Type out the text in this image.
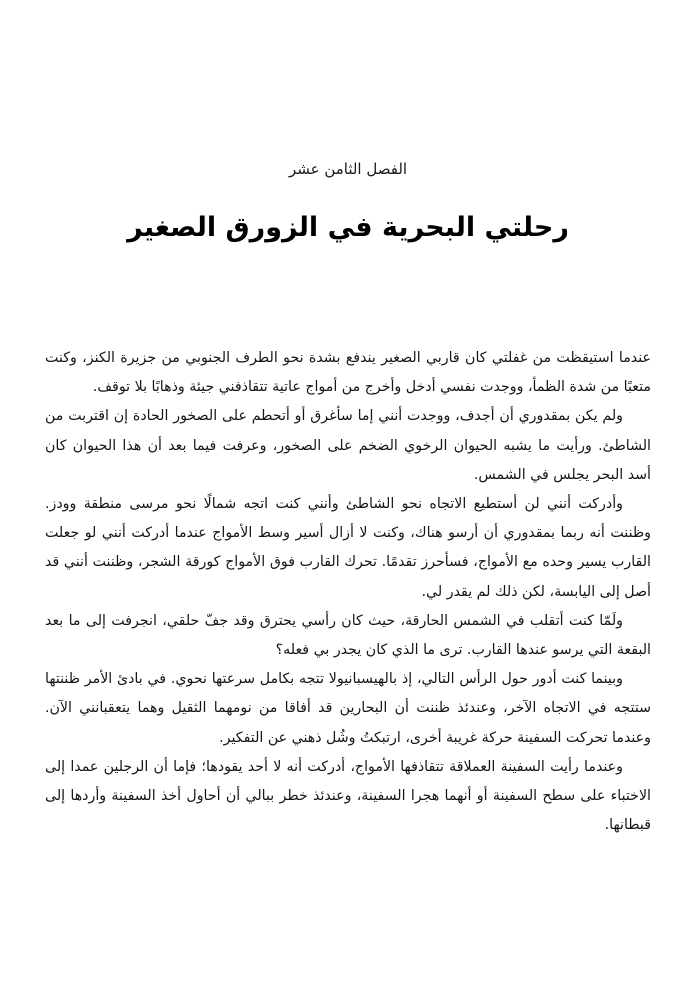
الفصل الثامن عشر
رحلتي البحرية في الزورق الصغير

عندما استيقظت من غفلتي كان قاربي الصغير يندفع بشدة نحو الطرف الجنوبي من جزيرة الكنز، وكنت متعبًا من شدة الظمأ، ووجدت نفسي أدخل وأخرج من أمواج عاتية تتقاذفني جيئة وذهابًا بلا توقف.

ولم يكن بمقدوري أن أجدف، ووجدت أنني إما سأغرق أو أتحطم على الصخور الحادة إن اقتربت من الشاطئ. ورأيت ما يشبه الحيوان الرخوي الضخم على الصخور، وعرفت فيما بعد أن هذا الحيوان كان أسد البحر يجلس في الشمس.

وأدركت أنني لن أستطيع الاتجاه نحو الشاطئ وأنني كنت اتجه شمالًا نحو مرسى منطقة وودز. وظننت أنه ربما بمقدوري أن أرسو هناك، وكنت لا أزال أسير وسط الأمواج عندما أدركت أنني لو جعلت القارب يسير وحده مع الأمواج، فسأحرز تقدمًا. تحرك القارب فوق الأمواج كورقة الشجر، وظننت أنني قد أصل إلى اليابسة، لكن ذلك لم يقدر لي.

ولَمّا كنت أتقلب في الشمس الحارقة، حيث كان رأسي يحترق وقد جفّ حلقي، انجرفت إلى ما بعد البقعة التي يرسو عندها القارب. ترى ما الذي كان يجدر بي فعله؟

وبينما كنت أدور حول الرأس التالي، إذ بالهيسبانيولا تتجه بكامل سرعتها نحوي. في بادئ الأمر ظننتها ستتجه في الاتجاه الآخر، وعندئذ ظننت أن البحارين قد أفاقا من نومهما الثقيل وهما يتعقبانني الآن. وعندما تحركت السفينة حركة غريبة أخرى، ارتبكتُ وشُل ذهني عن التفكير.

وعندما رأيت السفينة العملاقة تتقاذفها الأمواج، أدركت أنه لا أحد يقودها؛ فإما أن الرجلين عمدا إلى الاختباء على سطح السفينة أو أنهما هجرا السفينة، وعندئذ خطر ببالي أن أحاول أخذ السفينة وأردها إلى قبطانها.
